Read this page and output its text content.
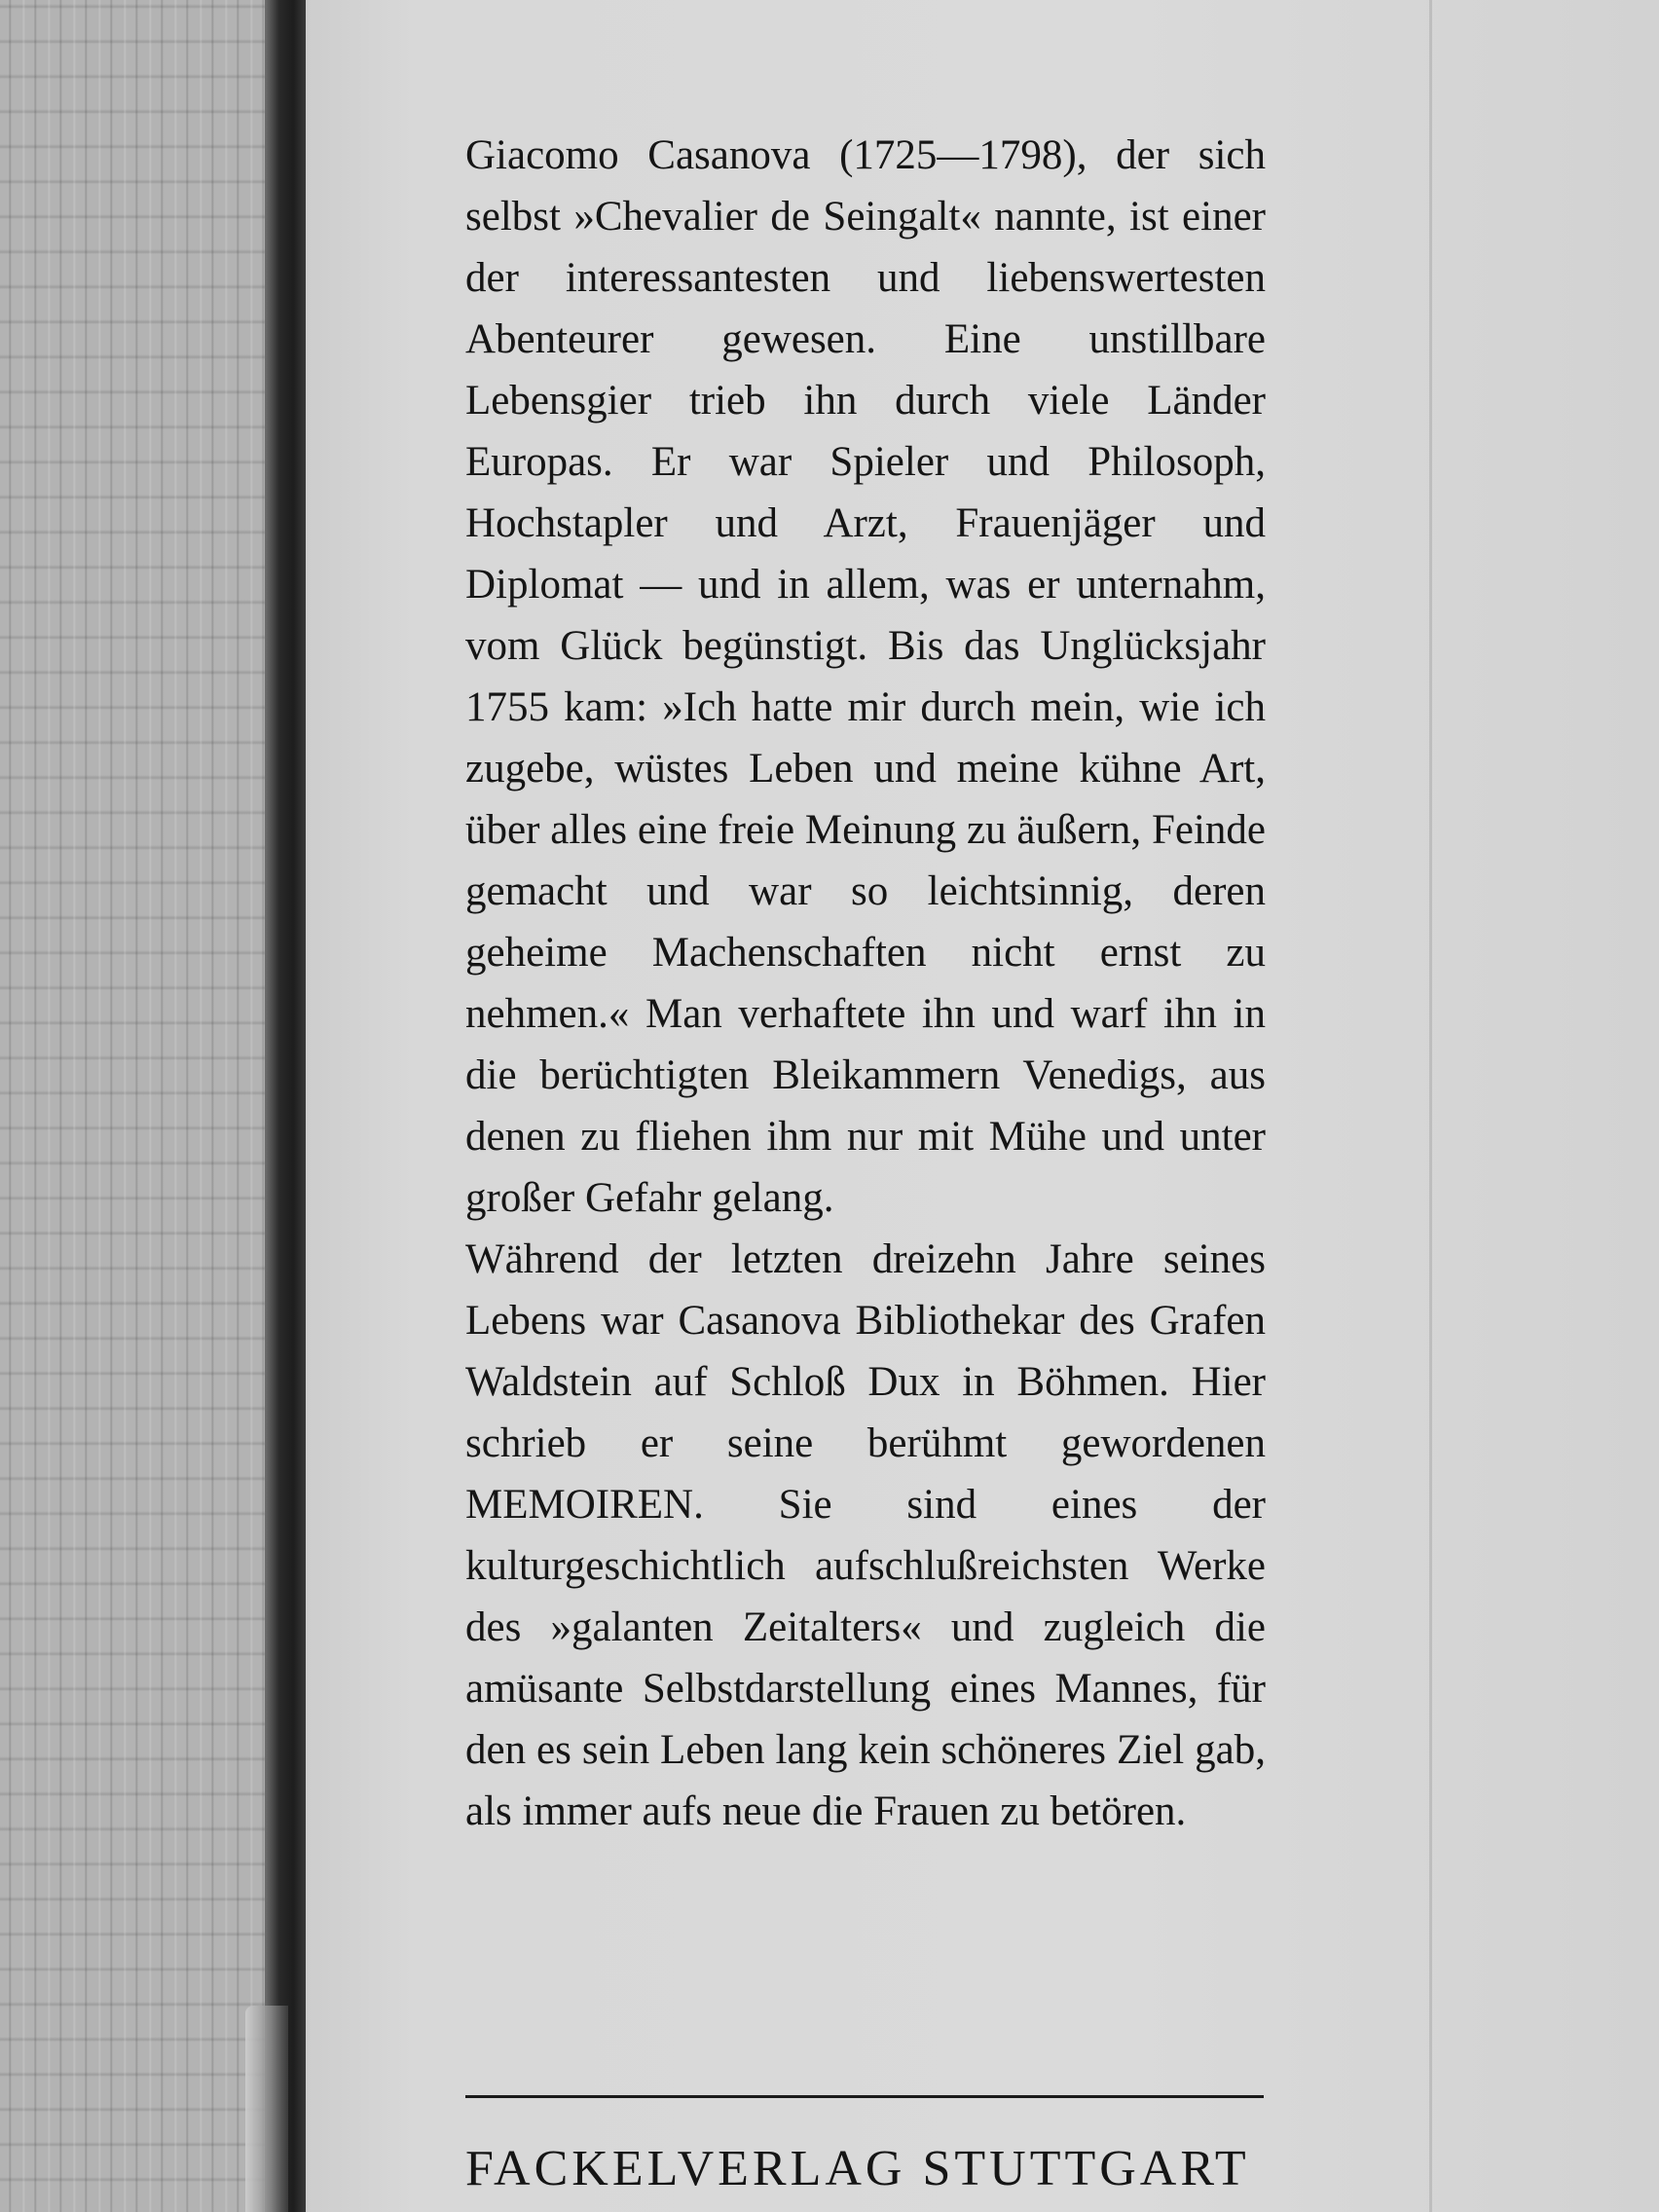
Giacomo Casanova (1725—1798), der sich selbst »Chevalier de Seingalt« nannte, ist einer der interessantesten und liebenswertesten Abenteurer gewesen. Eine unstillbare Lebensgier trieb ihn durch viele Länder Europas. Er war Spieler und Philosoph, Hochstapler und Arzt, Frauenjäger und Diplomat — und in allem, was er unternahm, vom Glück begünstigt. Bis das Unglücksjahr 1755 kam: »Ich hatte mir durch mein, wie ich zugebe, wüstes Leben und meine kühne Art, über alles eine freie Meinung zu äußern, Feinde gemacht und war so leichtsinnig, deren geheime Machenschaften nicht ernst zu nehmen.« Man verhaftete ihn und warf ihn in die berüchtigten Bleikammern Venedigs, aus denen zu fliehen ihm nur mit Mühe und unter großer Gefahr gelang.

Während der letzten dreizehn Jahre seines Lebens war Casanova Bibliothekar des Grafen Waldstein auf Schloß Dux in Böhmen. Hier schrieb er seine berühmt gewordenen MEMOIREN. Sie sind eines der kulturgeschichtlich aufschlußreichsten Werke des »galanten Zeitalters« und zugleich die amüsante Selbstdarstellung eines Mannes, für den es sein Leben lang kein schöneres Ziel gab, als immer aufs neue die Frauen zu betören.

FACKELVERLAG STUTTGART
